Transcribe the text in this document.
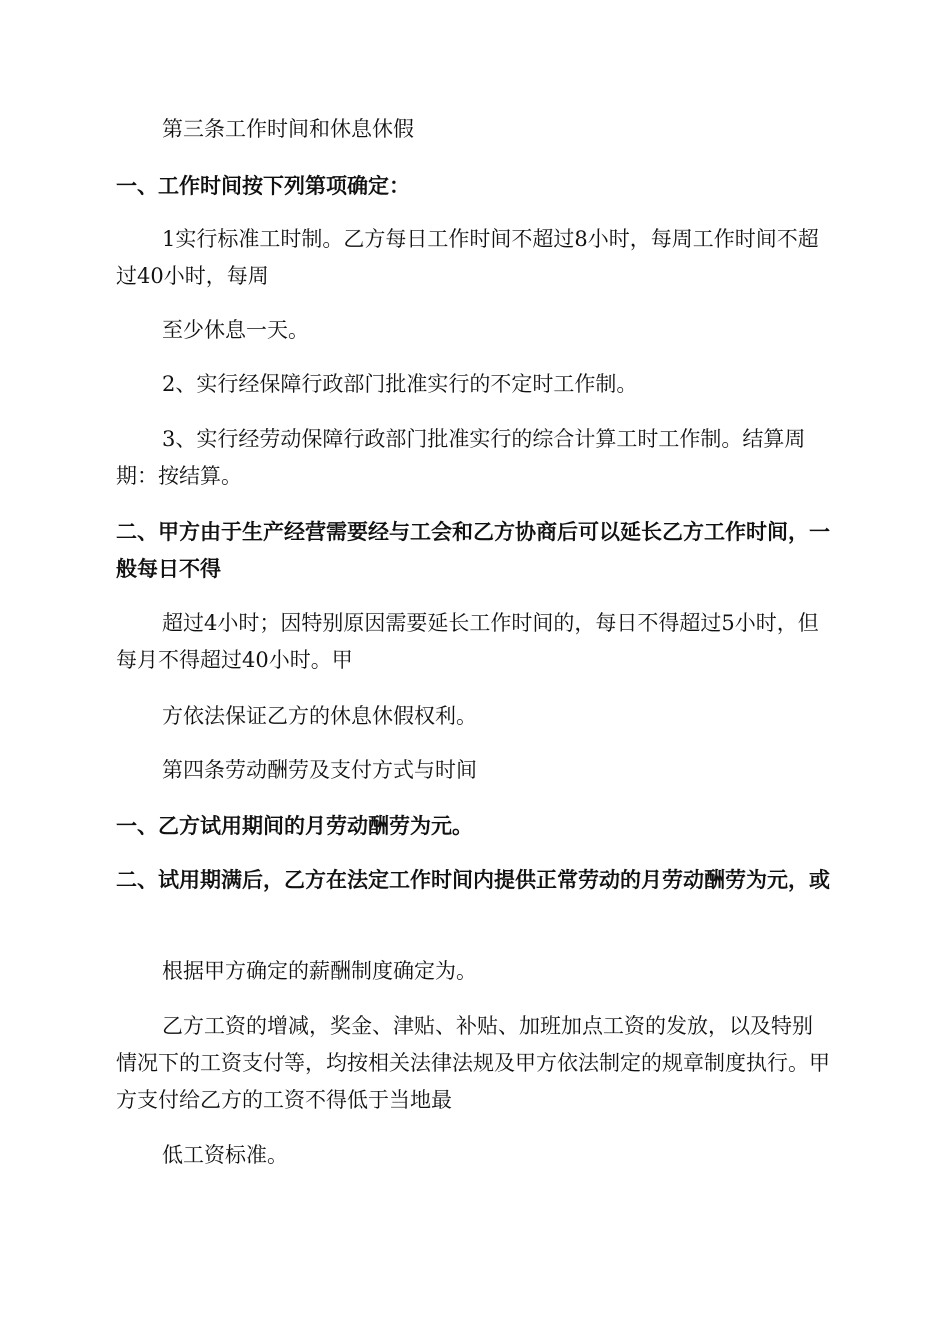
第三条工作时间和休息休假

一、工作时间按下列第项确定：

1实行标准工时制。乙方每日工作时间不超过8小时，每周工作时间不超过40小时，每周

至少休息一天。

2、实行经保障行政部门批准实行的不定时工作制。

3、实行经劳动保障行政部门批准实行的综合计算工时工作制。结算周期：按结算。

二、甲方由于生产经营需要经与工会和乙方协商后可以延长乙方工作时间，一般每日不得

超过4小时；因特别原因需要延长工作时间的，每日不得超过5小时，但每月不得超过40小时。甲

方依法保证乙方的休息休假权利。

第四条劳动酬劳及支付方式与时间

一、乙方试用期间的月劳动酬劳为元。

二、试用期满后，乙方在法定工作时间内提供正常劳动的月劳动酬劳为元，或

根据甲方确定的薪酬制度确定为。

乙方工资的增减，奖金、津贴、补贴、加班加点工资的发放，以及特别情况下的工资支付等，均按相关法律法规及甲方依法制定的规章制度执行。甲方支付给乙方的工资不得低于当地最

低工资标准。
